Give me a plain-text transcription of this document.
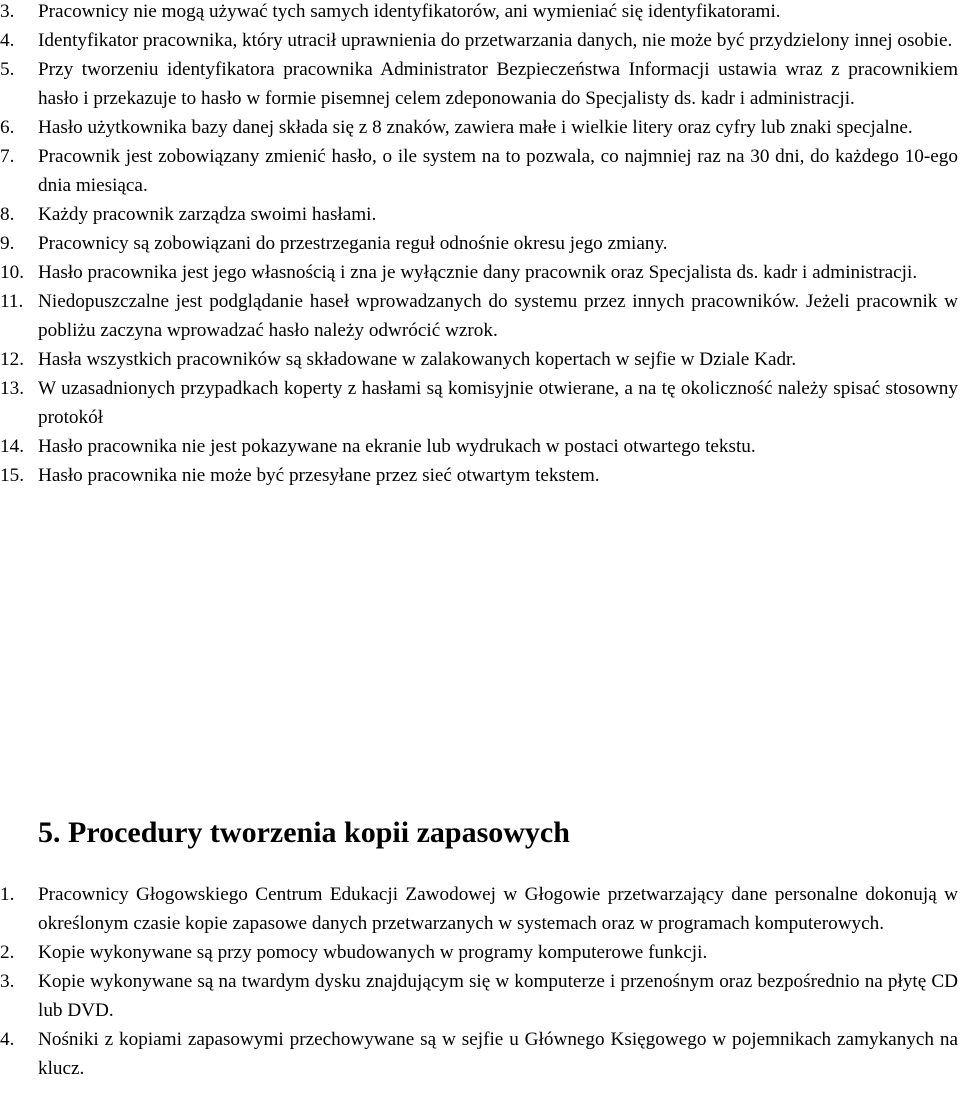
3. Pracownicy nie mogą używać tych samych identyfikatorów, ani wymieniać się identyfikatorami.
4. Identyfikator pracownika, który utracił uprawnienia do przetwarzania danych, nie może być przydzielony innej osobie.
5. Przy tworzeniu identyfikatora pracownika Administrator Bezpieczeństwa Informacji ustawia wraz z pracownikiem hasło i przekazuje to hasło w formie pisemnej celem zdeponowania do Specjalisty ds. kadr i administracji.
6. Hasło użytkownika bazy danej składa się z 8 znaków, zawiera małe i wielkie litery oraz cyfry lub znaki specjalne.
7. Pracownik jest zobowiązany zmienić hasło, o ile system na to pozwala, co najmniej raz na 30 dni, do każdego 10-ego dnia miesiąca.
8. Każdy pracownik zarządza swoimi hasłami.
9. Pracownicy są zobowiązani do przestrzegania reguł odnośnie okresu jego zmiany.
10. Hasło pracownika jest jego własnością i zna je wyłącznie dany pracownik oraz Specjalista ds. kadr i administracji.
11. Niedopuszczalne jest podglądanie haseł wprowadzanych do systemu przez innych pracowników. Jeżeli pracownik w pobliżu zaczyna wprowadzać hasło należy odwrócić wzrok.
12. Hasła wszystkich pracowników są składowane w zalakowanych kopertach w sejfie w Dziale Kadr.
13. W uzasadnionych przypadkach koperty z hasłami są komisyjnie otwierane, a na tę okoliczność należy spisać stosowny protokół
14. Hasło pracownika nie jest pokazywane na ekranie lub wydrukach w postaci otwartego tekstu.
15. Hasło pracownika nie może być przesyłane przez sieć otwartym tekstem.
5. Procedury tworzenia kopii zapasowych
1. Pracownicy Głogowskiego Centrum Edukacji Zawodowej w Głogowie przetwarzający dane personalne dokonują w określonym czasie kopie zapasowe danych przetwarzanych w systemach oraz w programach komputerowych.
2. Kopie wykonywane są przy pomocy wbudowanych w programy komputerowe funkcji.
3. Kopie wykonywane są na twardym dysku znajdującym się w komputerze i przenośnym oraz bezpośrednio na płytę CD lub DVD.
4. Nośniki z kopiami zapasowymi przechowywane są w sejfie u Głównego Księgowego w pojemnikach zamykanych na klucz.
